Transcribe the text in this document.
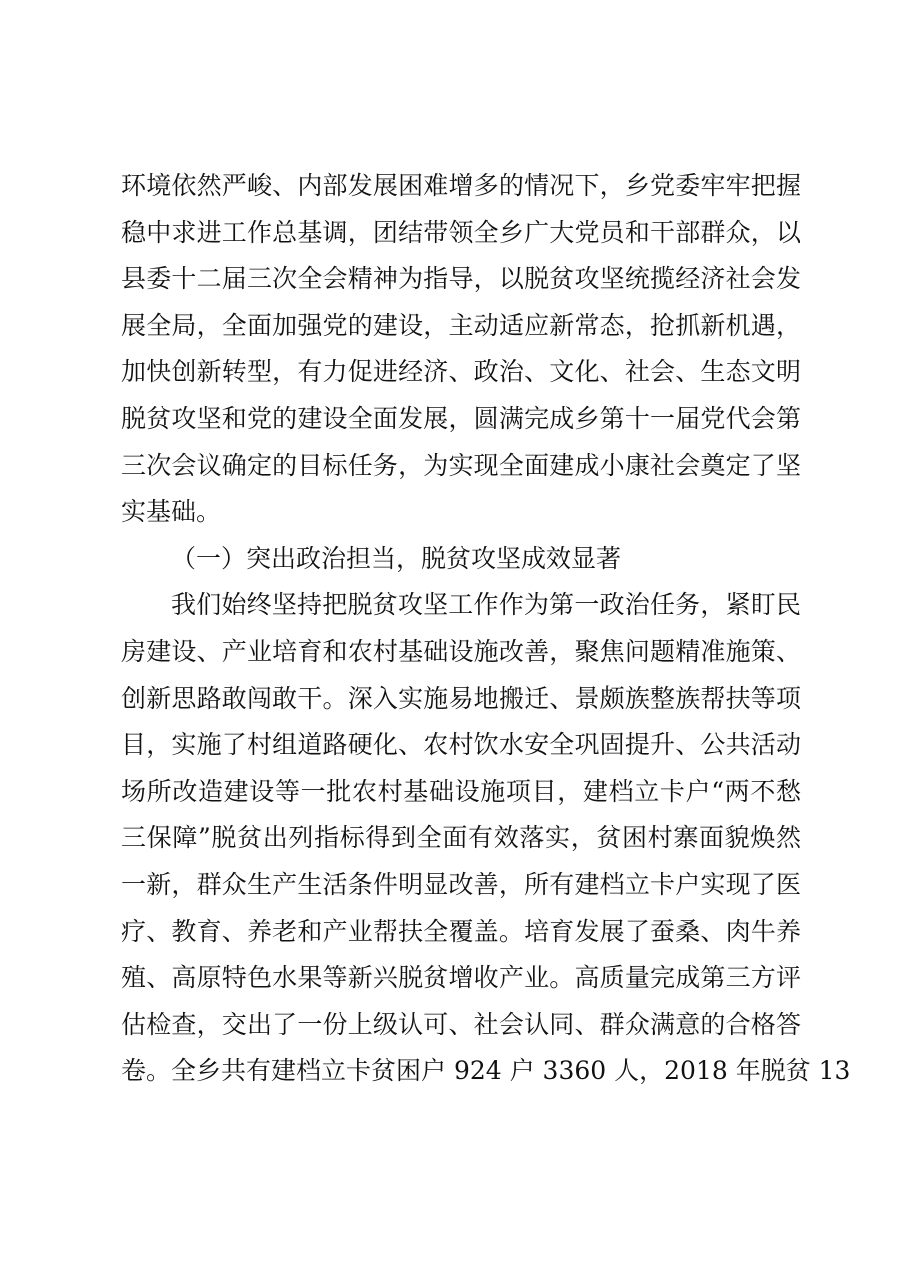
环境依然严峻、内部发展困难增多的情况下，乡党委牢牢把握
稳中求进工作总基调，团结带领全乡广大党员和干部群众，以
县委十二届三次全会精神为指导，以脱贫攻坚统揽经济社会发
展全局，全面加强党的建设，主动适应新常态，抢抓新机遇，
加快创新转型，有力促进经济、政治、文化、社会、生态文明
脱贫攻坚和党的建设全面发展，圆满完成乡第十一届党代会第
三次会议确定的目标任务，为实现全面建成小康社会奠定了坚
实基础。
（一）突出政治担当，脱贫攻坚成效显著
我们始终坚持把脱贫攻坚工作作为第一政治任务，紧盯民
房建设、产业培育和农村基础设施改善，聚焦问题精准施策、
创新思路敢闯敢干。深入实施易地搬迁、景颇族整族帮扶等项
目，实施了村组道路硬化、农村饮水安全巩固提升、公共活动
场所改造建设等一批农村基础设施项目，建档立卡户“两不愁
三保障”脱贫出列指标得到全面有效落实，贫困村寨面貌焕然
一新，群众生产生活条件明显改善，所有建档立卡户实现了医
疗、教育、养老和产业帮扶全覆盖。培育发展了蚕桑、肉牛养
殖、高原特色水果等新兴脱贫增收产业。高质量完成第三方评
估检查，交出了一份上级认可、社会认同、群众满意的合格答
卷。全乡共有建档立卡贫困户 924 户 3360 人，2018 年脱贫 13
